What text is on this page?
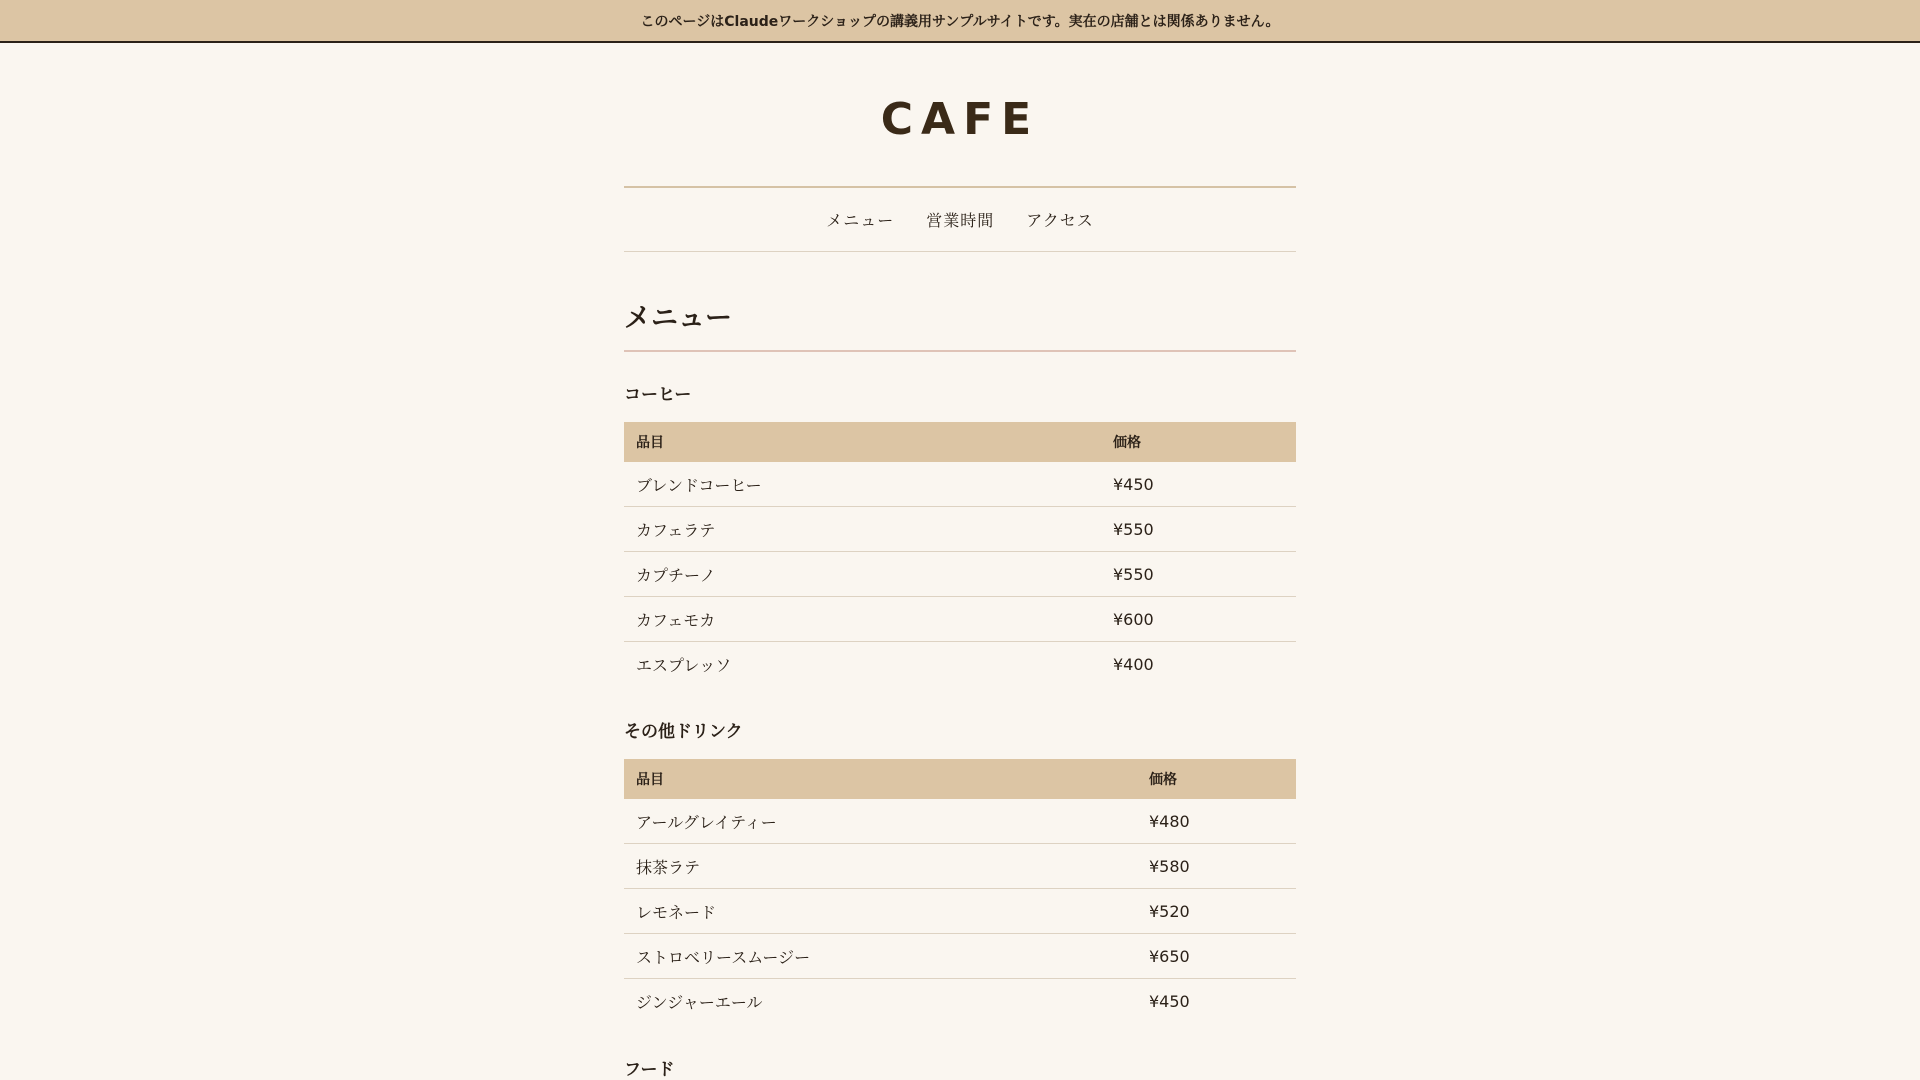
このページはClaudeワークショップの講義用サンプルサイトです。実在の店舗とは関係ありません。
CAFE
メニュー 営業時間 アクセス
メニュー
コーヒー
品目	価格
ブレンドコーヒー	¥450
カフェラテ	¥550
カプチーノ	¥550
カフェモカ	¥600
エスプレッソ	¥400
その他ドリンク
品目	価格
アールグレイティー	¥480
抹茶ラテ	¥580
レモネード	¥520
ストロベリースムージー	¥650
ジンジャーエール	¥450
フード
